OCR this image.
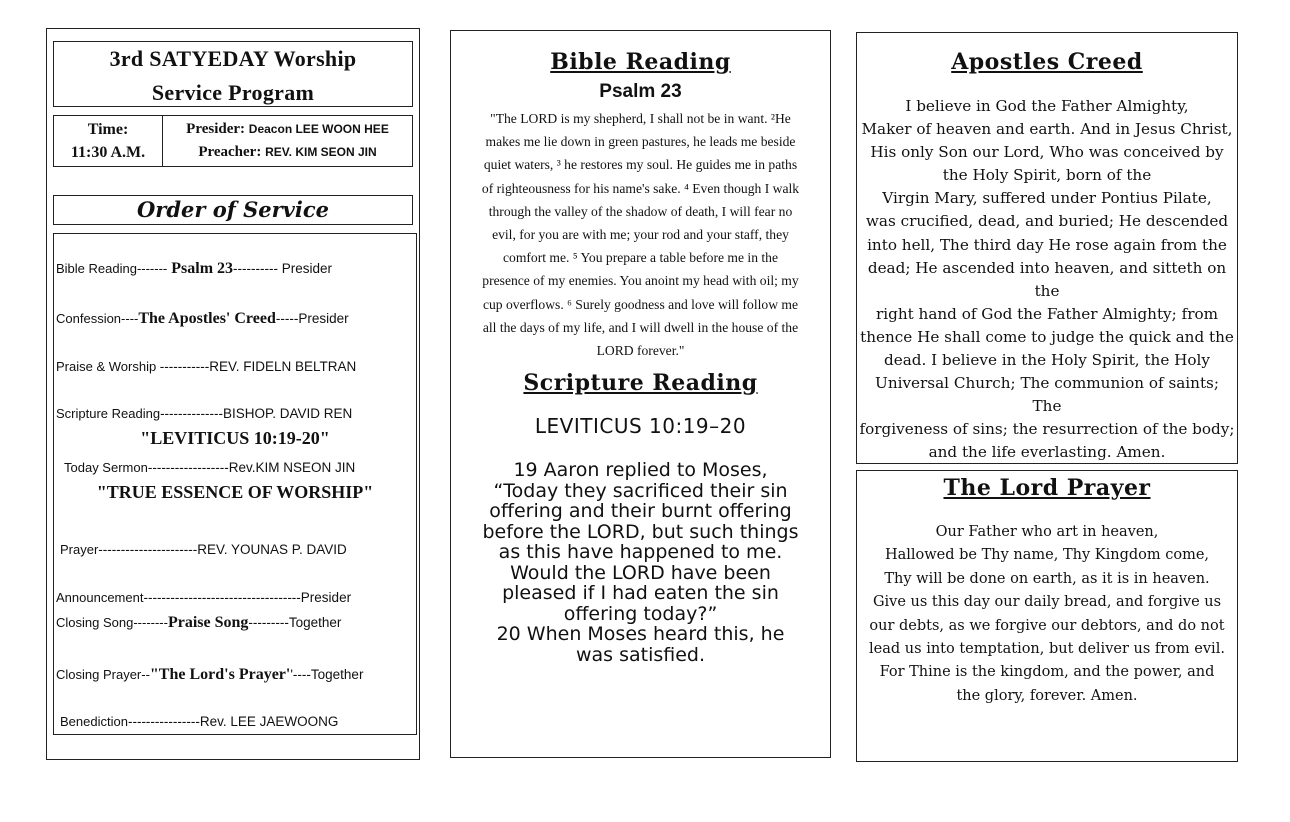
3rd SATYEDAY Worship
Service Program
Time:
11:30 A.M.
Presider: Deacon LEE WOON HEE
Preacher: REV. KIM SEON JIN
Order of Service
Bible Reading------- Psalm 23---------- Presider
Confession----The Apostles' Creed-----Presider
Praise & Worship -----------REV. FIDELN BELTRAN
Scripture Reading--------------BISHOP. DAVID REN
"LEVITICUS 10:19-20"
Today Sermon------------------Rev.KIM NSEON JIN
"TRUE ESSENCE OF WORSHIP"
Prayer----------------------REV. YOUNAS P. DAVID
Announcement-----------------------------------Presider
Closing Song--------Praise Song---------Together
Closing Prayer--"The Lord's Prayer''----Together
Benediction----------------Rev. LEE JAEWOONG
Bible Reading
Psalm 23
"The LORD is my shepherd, I shall not be in want. ²He
makes me lie down in green pastures, he leads me beside
quiet waters, ³ he restores my soul. He guides me in paths
of righteousness for his name's sake. ⁴ Even though I walk
through the valley of the shadow of death, I will fear no
evil, for you are with me; your rod and your staff, they
comfort me. ⁵ You prepare a table before me in the
presence of my enemies. You anoint my head with oil; my
cup overflows. ⁶ Surely goodness and love will follow me
all the days of my life, and I will dwell in the house of the
LORD forever."
Scripture Reading
LEVITICUS 10:19–20
19 Aaron replied to Moses,
“Today they sacrificed their sin
offering and their burnt offering
before the LORD, but such things
as this have happened to me.
Would the LORD have been
pleased if I had eaten the sin
offering today?”
20 When Moses heard this, he
was satisfied.
Apostles Creed
I believe in God the Father Almighty,
Maker of heaven and earth. And in Jesus Christ,
His only Son our Lord, Who was conceived by
the Holy Spirit, born of the
Virgin Mary, suffered under Pontius Pilate,
was crucified, dead, and buried; He descended
into hell, The third day He rose again from the
dead; He ascended into heaven, and sitteth on the
right hand of God the Father Almighty; from
thence He shall come to judge the quick and the
dead. I believe in the Holy Spirit, the Holy
Universal Church; The communion of saints; The
forgiveness of sins; the resurrection of the body;
and the life everlasting. Amen.
The Lord Prayer
Our Father who art in heaven,
Hallowed be Thy name, Thy Kingdom come,
Thy will be done on earth, as it is in heaven.
Give us this day our daily bread, and forgive us
our debts, as we forgive our debtors, and do not
lead us into temptation, but deliver us from evil.
For Thine is the kingdom, and the power, and
the glory, forever. Amen.
